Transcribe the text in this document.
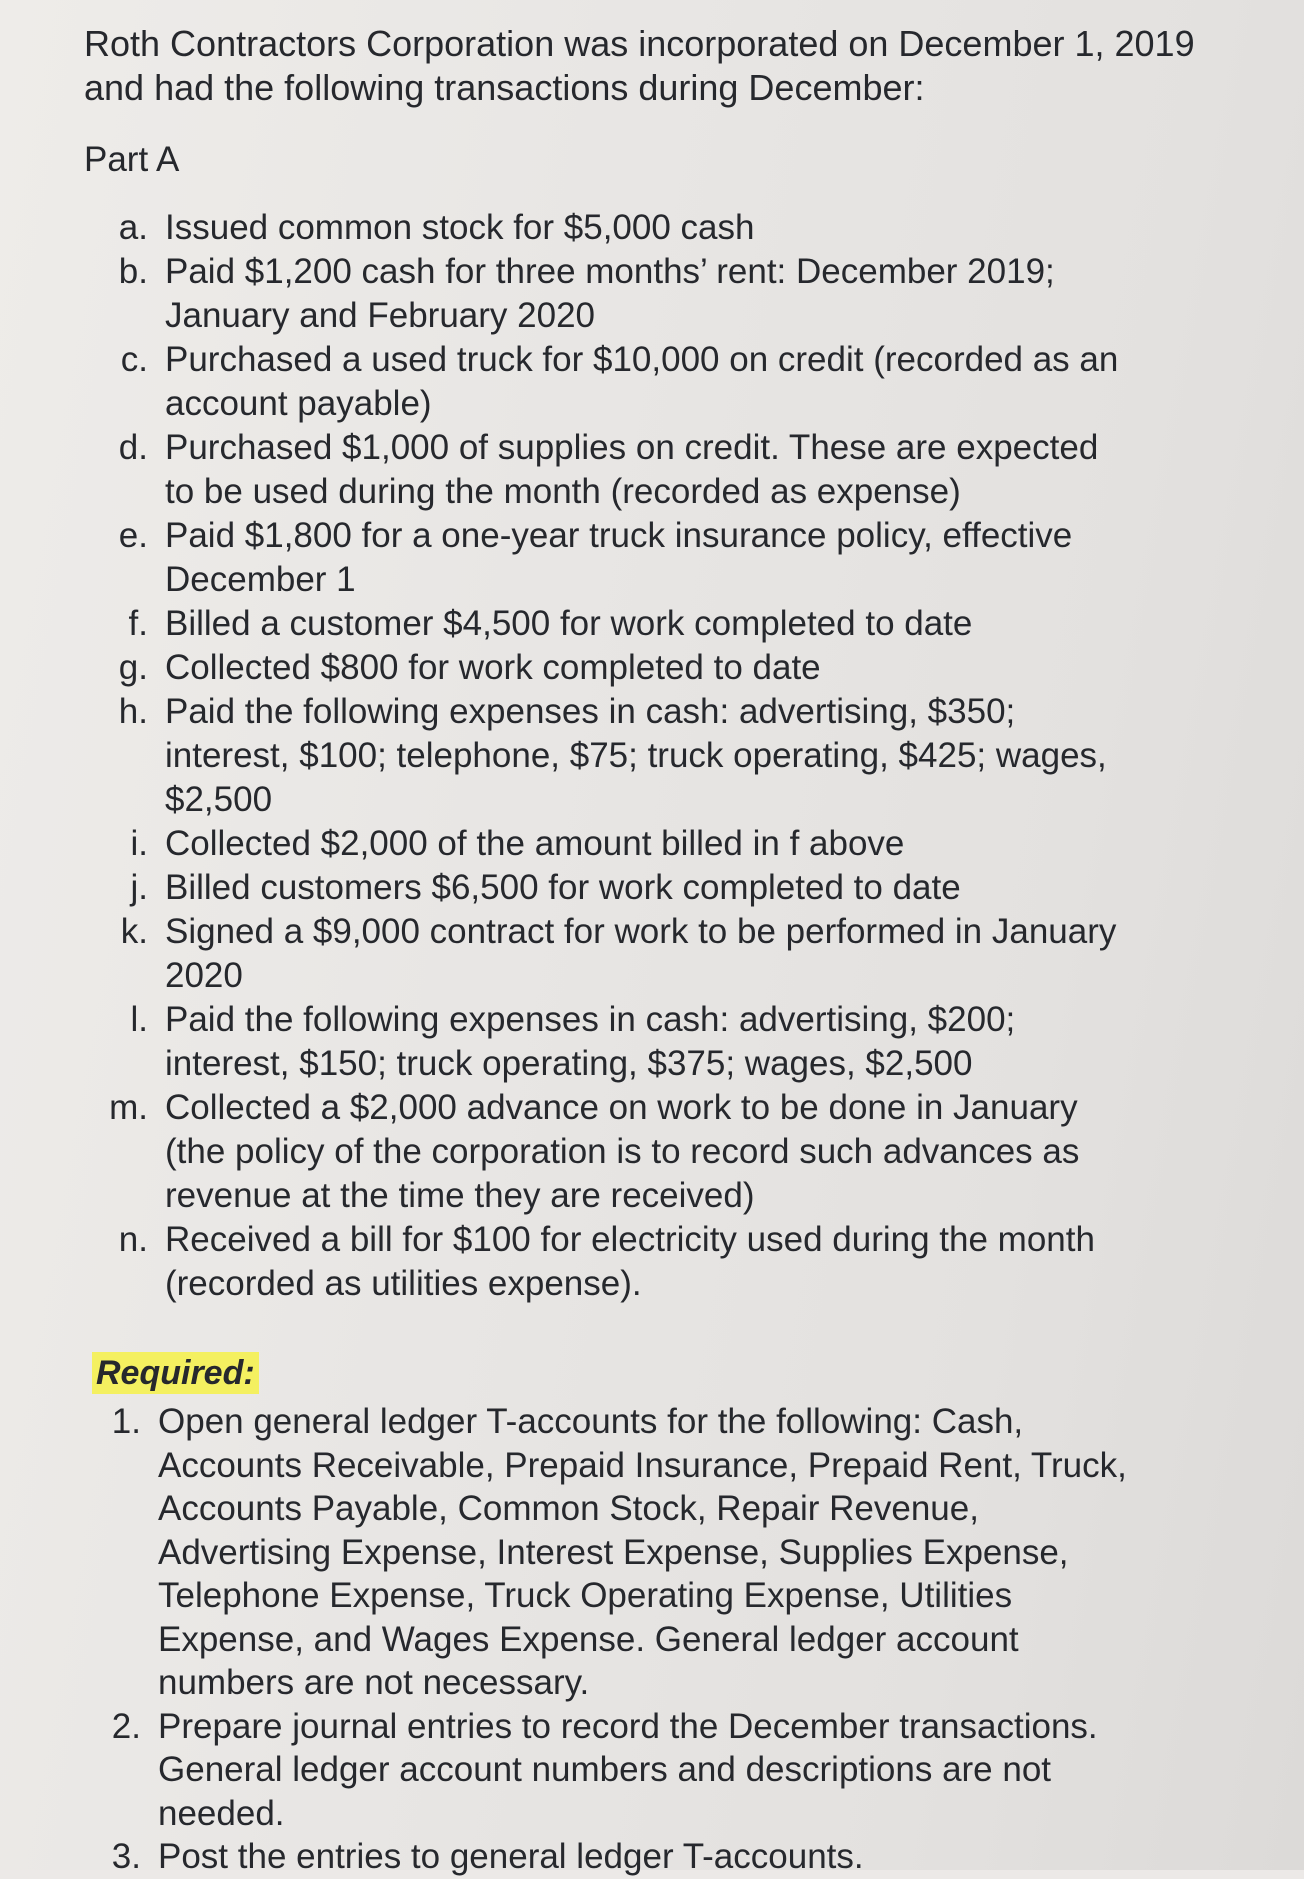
Roth Contractors Corporation was incorporated on December 1, 2019 and had the following transactions during December:

Part A

a. Issued common stock for $5,000 cash
b. Paid $1,200 cash for three months’ rent: December 2019; January and February 2020
c. Purchased a used truck for $10,000 on credit (recorded as an account payable)
d. Purchased $1,000 of supplies on credit. These are expected to be used during the month (recorded as expense)
e. Paid $1,800 for a one-year truck insurance policy, effective December 1
f. Billed a customer $4,500 for work completed to date
g. Collected $800 for work completed to date
h. Paid the following expenses in cash: advertising, $350; interest, $100; telephone, $75; truck operating, $425; wages, $2,500
i. Collected $2,000 of the amount billed in f above
j. Billed customers $6,500 for work completed to date
k. Signed a $9,000 contract for work to be performed in January 2020
l. Paid the following expenses in cash: advertising, $200; interest, $150; truck operating, $375; wages, $2,500
m. Collected a $2,000 advance on work to be done in January (the policy of the corporation is to record such advances as revenue at the time they are received)
n. Received a bill for $100 for electricity used during the month (recorded as utilities expense).
Required:
1. Open general ledger T-accounts for the following: Cash, Accounts Receivable, Prepaid Insurance, Prepaid Rent, Truck, Accounts Payable, Common Stock, Repair Revenue, Advertising Expense, Interest Expense, Supplies Expense, Telephone Expense, Truck Operating Expense, Utilities Expense, and Wages Expense. General ledger account numbers are not necessary.
2. Prepare journal entries to record the December transactions. General ledger account numbers and descriptions are not needed.
3. Post the entries to general ledger T-accounts.
